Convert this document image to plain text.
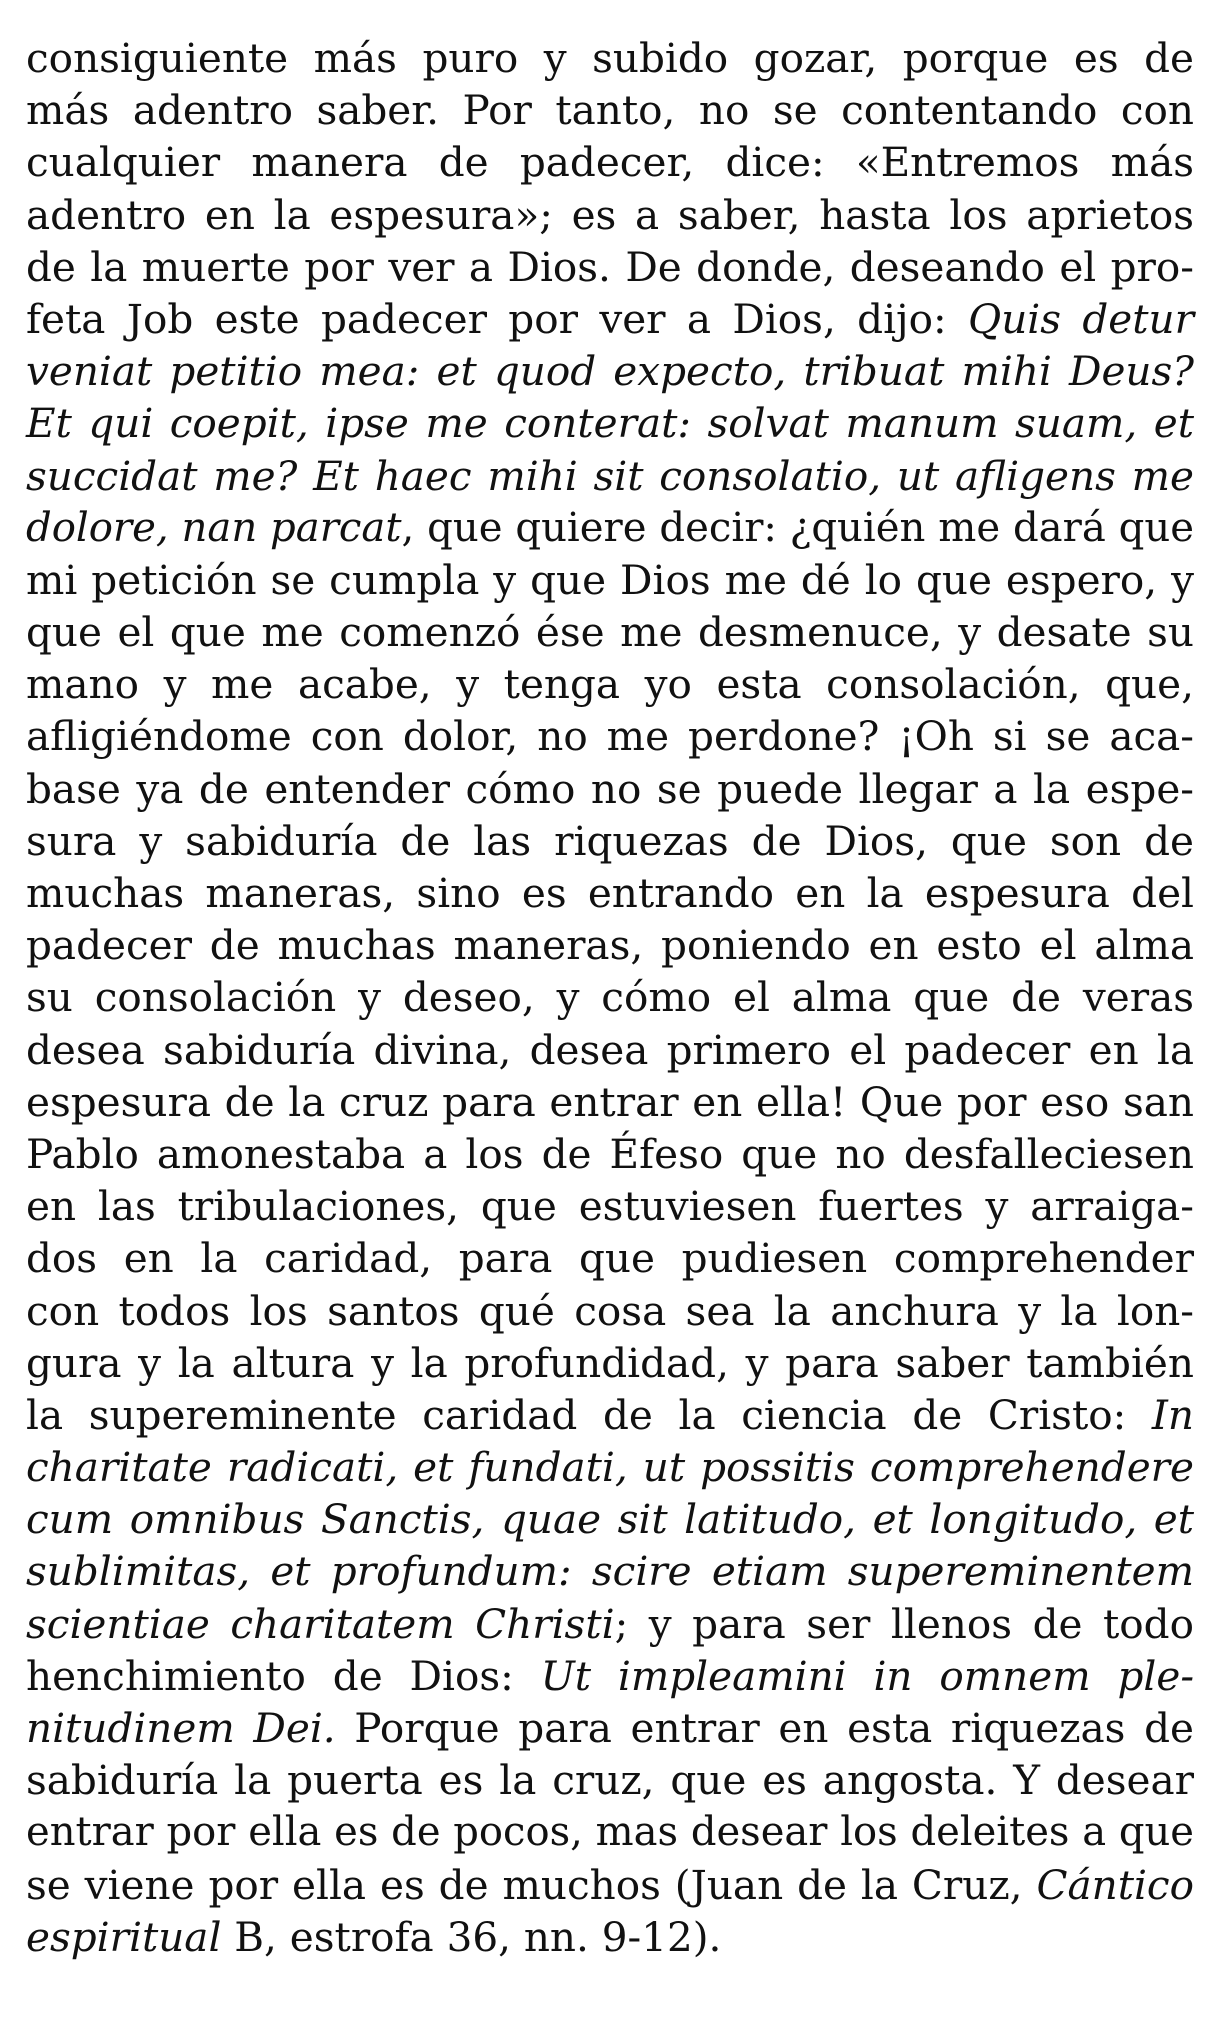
consiguiente más puro y subido gozar, porque es de
más adentro saber. Por tanto, no se contentando con
cualquier manera de padecer, dice: «Entremos más
adentro en la espesura»; es a saber, hasta los aprietos
de la muerte por ver a Dios. De donde, deseando el pro-
feta Job este padecer por ver a Dios, dijo: Quis detur
veniat petitio mea: et quod expecto, tribuat mihi Deus?
Et qui coepit, ipse me conterat: solvat manum suam, et
succidat me? Et haec mihi sit consolatio, ut afligens me
dolore, nan parcat, que quiere decir: ¿quién me dará que
mi petición se cumpla y que Dios me dé lo que espero, y
que el que me comenzó ése me desmenuce, y desate su
mano y me acabe, y tenga yo esta consolación, que,
afligiéndome con dolor, no me perdone? ¡Oh si se aca-
base ya de entender cómo no se puede llegar a la espe-
sura y sabiduría de las riquezas de Dios, que son de
muchas maneras, sino es entrando en la espesura del
padecer de muchas maneras, poniendo en esto el alma
su consolación y deseo, y cómo el alma que de veras
desea sabiduría divina, desea primero el padecer en la
espesura de la cruz para entrar en ella! Que por eso san
Pablo amonestaba a los de Éfeso que no desfalleciesen
en las tribulaciones, que estuviesen fuertes y arraiga-
dos en la caridad, para que pudiesen comprehender
con todos los santos qué cosa sea la anchura y la lon-
gura y la altura y la profundidad, y para saber también
la supereminente caridad de la ciencia de Cristo: In
charitate radicati, et fundati, ut possitis comprehendere
cum omnibus Sanctis, quae sit latitudo, et longitudo, et
sublimitas, et profundum: scire etiam supereminentem
scientiae charitatem Christi; y para ser llenos de todo
henchimiento de Dios: Ut impleamini in omnem ple-
nitudinem Dei. Porque para entrar en esta riquezas de
sabiduría la puerta es la cruz, que es angosta. Y desear
entrar por ella es de pocos, mas desear los deleites a que
se viene por ella es de muchos (Juan de la Cruz, Cántico
espiritual B, estrofa 36, nn. 9-12).
